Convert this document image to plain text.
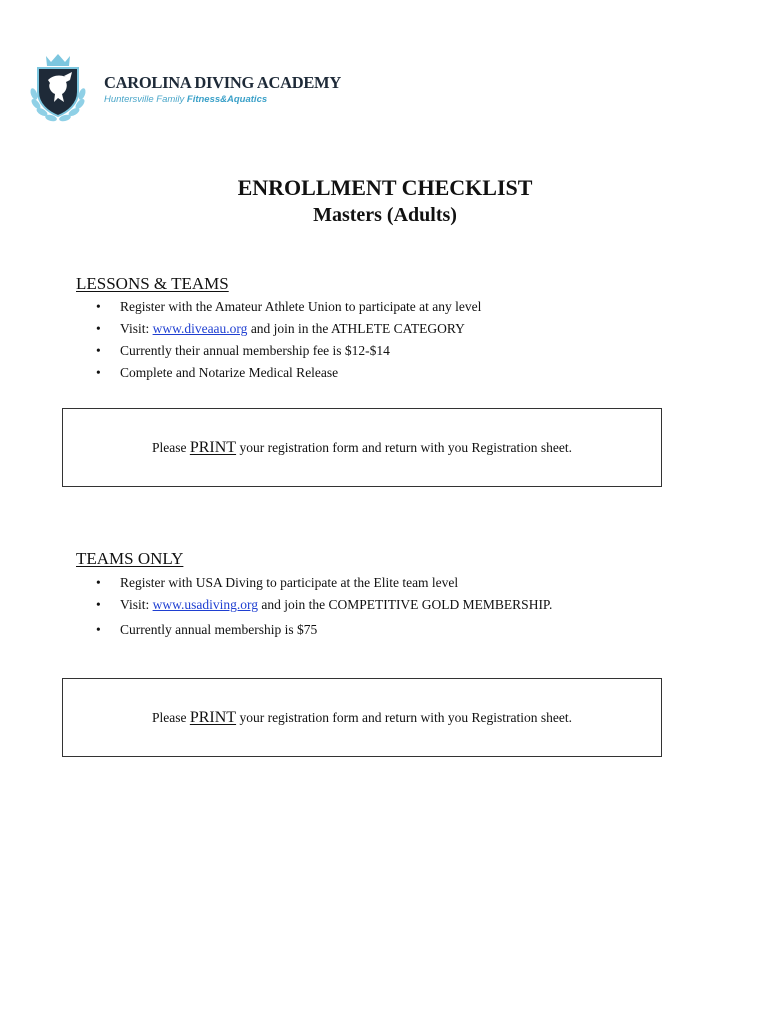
CAROLINA DIVING ACADEMY
Huntersville Family Fitness&Aquatics
ENROLLMENT CHECKLIST
Masters (Adults)
LESSONS & TEAMS
• Register with the Amateur Athlete Union to participate at any level
• Visit: www.diveaau.org and join in the ATHLETE CATEGORY
• Currently their annual membership fee is $12-$14
• Complete and Notarize Medical Release
Please PRINT your registration form and return with you Registration sheet.
TEAMS ONLY
• Register with USA Diving to participate at the Elite team level
• Visit: www.usadiving.org and join the COMPETITIVE GOLD MEMBERSHIP.
• Currently annual membership is $75
Please PRINT your registration form and return with you Registration sheet.
